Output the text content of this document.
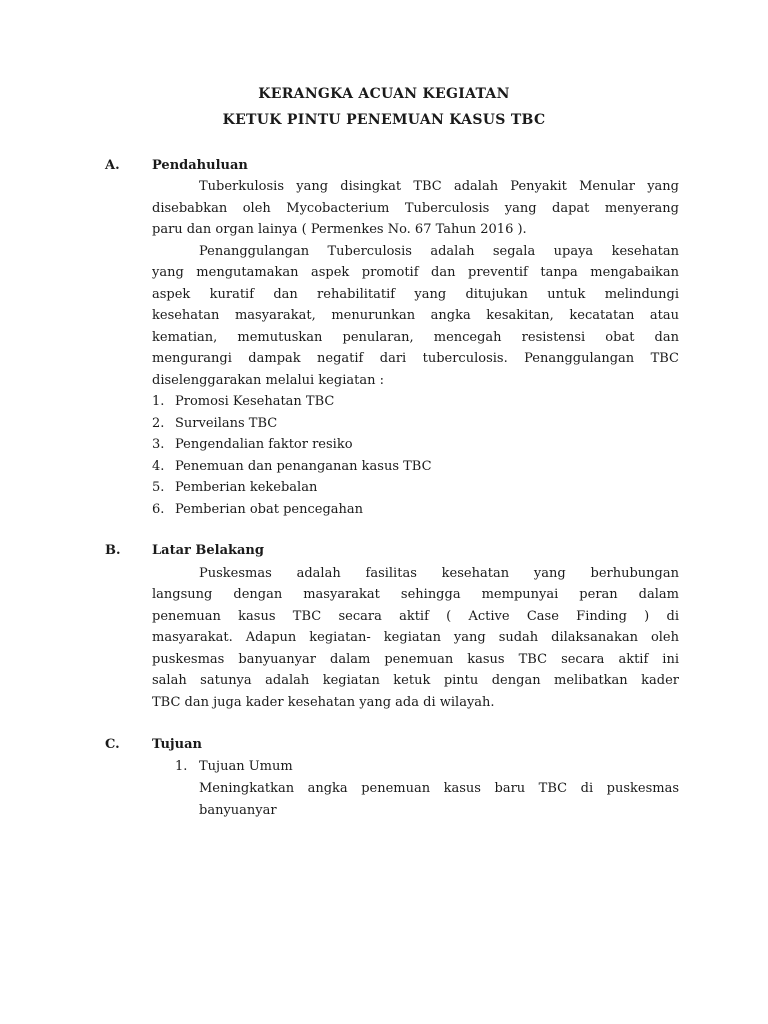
KERANGKA ACUAN KEGIATAN
KETUK PINTU PENEMUAN KASUS TBC
A. Pendahuluan
Tuberkulosis yang disingkat TBC adalah Penyakit Menular yang
disebabkan oleh Mycobacterium Tuberculosis yang dapat menyerang
paru dan organ lainya ( Permenkes No. 67 Tahun 2016 ).
Penanggulangan Tuberculosis adalah segala upaya kesehatan
yang mengutamakan aspek promotif dan preventif tanpa mengabaikan
aspek kuratif dan rehabilitatif yang ditujukan untuk melindungi
kesehatan masyarakat, menurunkan angka kesakitan, kecatatan atau
kematian, memutuskan penularan, mencegah resistensi obat dan
mengurangi dampak negatif dari tuberculosis. Penanggulangan TBC
diselenggarakan melalui kegiatan :
1. Promosi Kesehatan TBC
2. Surveilans TBC
3. Pengendalian faktor resiko
4. Penemuan dan penanganan kasus TBC
5. Pemberian kekebalan
6. Pemberian obat pencegahan
B. Latar Belakang
Puskesmas adalah fasilitas kesehatan yang berhubungan
langsung dengan masyarakat sehingga mempunyai peran dalam
penemuan kasus TBC secara aktif ( Active Case Finding ) di
masyarakat. Adapun kegiatan- kegiatan yang sudah dilaksanakan oleh
puskesmas banyuanyar dalam penemuan kasus TBC secara aktif ini
salah satunya adalah kegiatan ketuk pintu dengan melibatkan kader
TBC dan juga kader kesehatan yang ada di wilayah.
C. Tujuan
1. Tujuan Umum
Meningkatkan angka penemuan kasus baru TBC di puskesmas
banyuanyar
